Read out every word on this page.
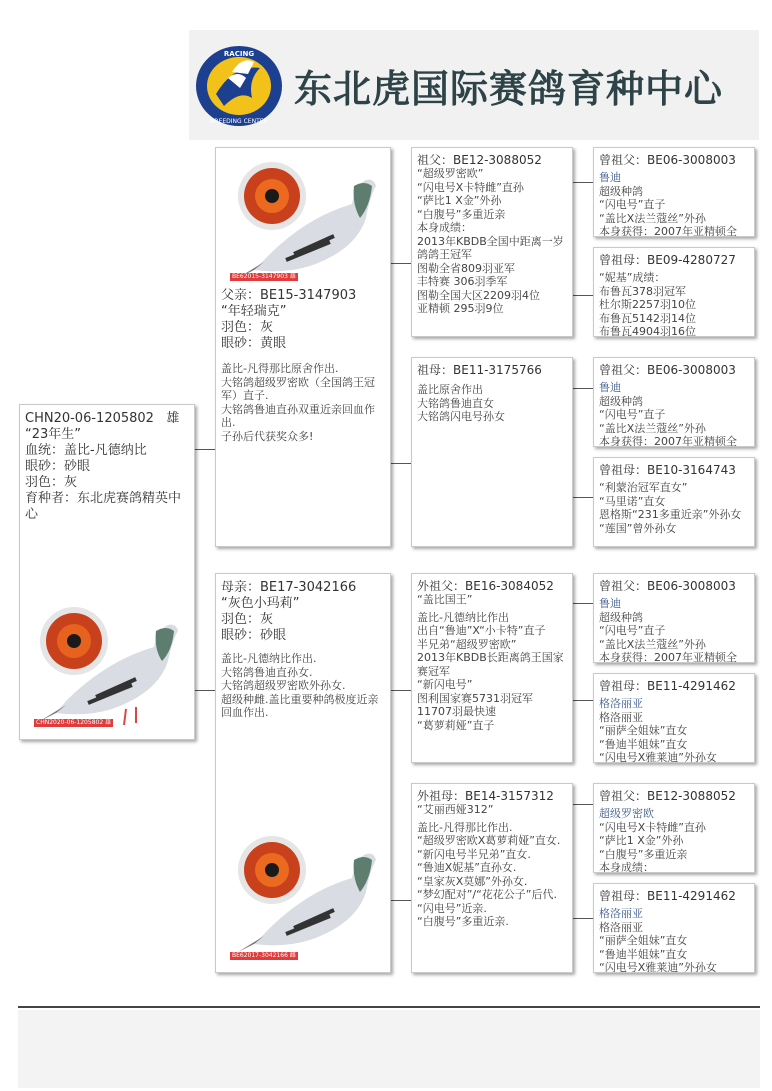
RACING
BREEDING CENTER
东北虎国际赛鸽育种中心
CHN20-06-1205802 雄
“23年生”
血统：盖比-凡德纳比
眼砂：砂眼
羽色：灰
育种者：东北虎赛鸽精英中心
CHN2020-06-1205802 雄
BE62015-3147903 雄
父亲：BE15-3147903
“年轻瑞克”
羽色：灰
眼砂：黄眼
盖比-凡得那比原舍作出.
大铭鸽超级罗密欧（全国鸽王冠军）直子.
大铭鸽鲁迪直孙双重近亲回血作出.
子孙后代获奖众多!
母亲：BE17-3042166
“灰色小玛莉”
羽色：灰
眼砂：砂眼
盖比-凡德纳比作出.
大铭鸽鲁迪直孙女.
大铭鸽超级罗密欧外孙女.
超级种雌.盖比重要种鸽极度近亲回血作出.
BE62017-3042166 雌
祖父：BE12-3088052
“超级罗密欧”
“闪电号X卡特雌”直孙
“萨比1 X金”外孙
“白腹号”多重近亲
本身成绩：
2013年KBDB全国中距离一岁鸽鸽王冠军
图勒全省809羽亚军
丰特赛 306羽季军
图勒全国大区2209羽4位
亚精顿 295羽9位
祖母：BE11-3175766
盖比原舍作出
大铭鸽鲁迪直女
大铭鸽闪电号孙女
外祖父：BE16-3084052
“盖比国王”
盖比-凡德纳比作出
出自“鲁迪”X“小卡特”直子
半兄弟“超级罗密欧”
2013年KBDB长距离鸽王国家赛冠军
“新闪电号”
图利国家赛5731羽冠军
11707羽最快速
“葛萝莉娅”直子
外祖母：BE14-3157312
“艾丽西娅312”
盖比-凡得那比作出.
“超级罗密欧X葛萝莉娅”直女.
“新闪电号半兄弟”直女.
“鲁迪X妮基”直孙女.
“皇家灰X莫娜”外孙女.
“梦幻配对”/“花花公子”后代.
“闪电号”近亲.
“白腹号”多重近亲.
曾祖父：BE06-3008003
鲁迪
超级种鸽
“闪电号”直子
“盖比X法兰蔻丝”外孙
本身获得：2007年亚精顿全
曾祖母：BE09-4280727
“妮基”成绩：
布鲁瓦378羽冠军
杜尔斯2257羽10位
布鲁瓦5142羽14位
布鲁瓦4904羽16位
曾祖父：BE06-3008003
鲁迪
超级种鸽
“闪电号”直子
“盖比X法兰蔻丝”外孙
本身获得：2007年亚精顿全
曾祖母：BE10-3164743
“利蒙治冠军直女”
“马里诺”直女
恩格斯“231多重近亲”外孙女
“莲国”曾外孙女
曾祖父：BE06-3008003
鲁迪
超级种鸽
“闪电号”直子
“盖比X法兰蔻丝”外孙
本身获得：2007年亚精顿全
曾祖母：BE11-4291462
格洛丽亚
格洛丽亚
“丽萨全姐妹”直女
“鲁迪半姐妹”直女
“闪电号X雅莱迪”外孙女
曾祖父：BE12-3088052
超级罗密欧
“闪电号X卡特雌”直孙
“萨比1 X金”外孙
“白腹号”多重近亲
本身成绩：
曾祖母：BE11-4291462
格洛丽亚
格洛丽亚
“丽萨全姐妹”直女
“鲁迪半姐妹”直女
“闪电号X雅莱迪”外孙女
